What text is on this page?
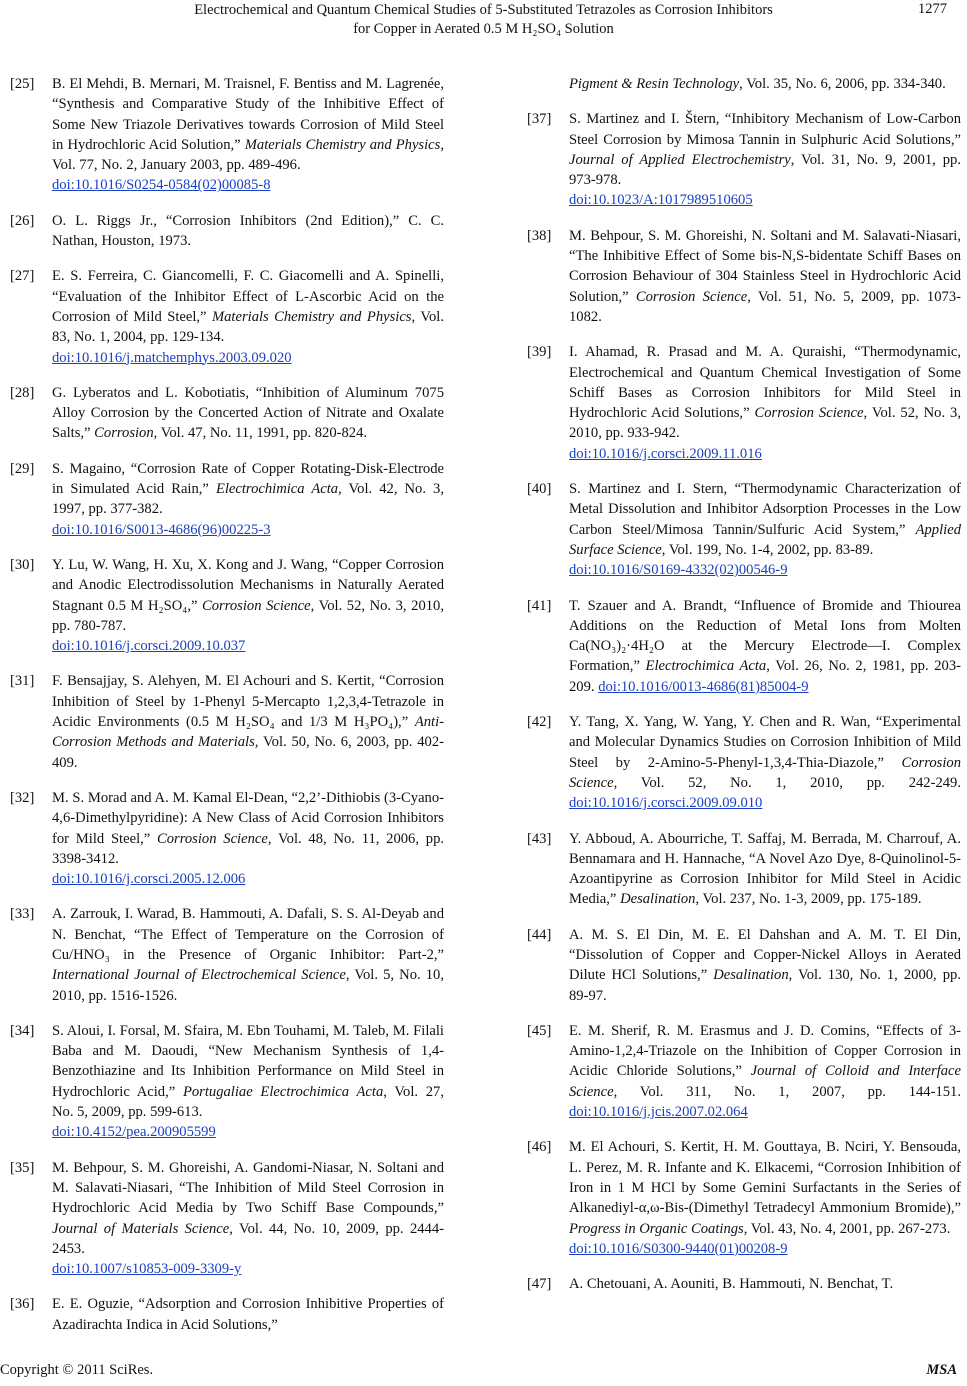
Electrochemical and Quantum Chemical Studies of 5-Substituted Tetrazoles as Corrosion Inhibitors
for Copper in Aerated 0.5 M H₂SO₄ Solution
1277
[25]	B. El Mehdi, B. Mernari, M. Traisnel, F. Bentiss and M. Lagrenée, “Synthesis and Comparative Study of the Inhibitive Effect of Some New Triazole Derivatives towards Corrosion of Mild Steel in Hydrochloric Acid Solution,” Materials Chemistry and Physics, Vol. 77, No. 2, January 2003, pp. 489-496.
doi:10.1016/S0254-0584(02)00085-8
[26]	O. L. Riggs Jr., “Corrosion Inhibitors (2nd Edition),” C. C. Nathan, Houston, 1973.
[27]	E. S. Ferreira, C. Giancomelli, F. C. Giacomelli and A. Spinelli, “Evaluation of the Inhibitor Effect of L-Ascorbic Acid on the Corrosion of Mild Steel,” Materials Chemistry and Physics, Vol. 83, No. 1, 2004, pp. 129-134.
doi:10.1016/j.matchemphys.2003.09.020
[28]	G. Lyberatos and L. Kobotiatis, “Inhibition of Aluminum 7075 Alloy Corrosion by the Concerted Action of Nitrate and Oxalate Salts,” Corrosion, Vol. 47, No. 11, 1991, pp. 820-824.
[29]	S. Magaino, “Corrosion Rate of Copper Rotating-Disk-Electrode in Simulated Acid Rain,” Electrochimica Acta, Vol. 42, No. 3, 1997, pp. 377-382.
doi:10.1016/S0013-4686(96)00225-3
[30]	Y. Lu, W. Wang, H. Xu, X. Kong and J. Wang, “Copper Corrosion and Anodic Electrodissolution Mechanisms in Naturally Aerated Stagnant 0.5 M H₂SO₄,” Corrosion Science, Vol. 52, No. 3, 2010, pp. 780-787.
doi:10.1016/j.corsci.2009.10.037
[31]	F. Bensajjay, S. Alehyen, M. El Achouri and S. Kertit, “Corrosion Inhibition of Steel by 1-Phenyl 5-Mercapto 1,2,3,4-Tetrazole in Acidic Environments (0.5 M H₂SO₄ and 1/3 M H₃PO₄),” Anti-Corrosion Methods and Materials, Vol. 50, No. 6, 2003, pp. 402-409.
[32]	M. S. Morad and A. M. Kamal El-Dean, “2,2’-Dithiobis (3-Cyano-4,6-Dimethylpyridine): A New Class of Acid Corrosion Inhibitors for Mild Steel,” Corrosion Science, Vol. 48, No. 11, 2006, pp. 3398-3412.
doi:10.1016/j.corsci.2005.12.006
[33]	A. Zarrouk, I. Warad, B. Hammouti, A. Dafali, S. S. Al-Deyab and N. Benchat, “The Effect of Temperature on the Corrosion of Cu/HNO₃ in the Presence of Organic Inhibitor: Part-2,” International Journal of Electrochemical Science, Vol. 5, No. 10, 2010, pp. 1516-1526.
[34]	S. Aloui, I. Forsal, M. Sfaira, M. Ebn Touhami, M. Taleb, M. Filali Baba and M. Daoudi, “New Mechanism Synthesis of 1,4-Benzothiazine and Its Inhibition Performance on Mild Steel in Hydrochloric Acid,” Portugaliae Electrochimica Acta, Vol. 27, No. 5, 2009, pp. 599-613.
doi:10.4152/pea.200905599
[35]	M. Behpour, S. M. Ghoreishi, A. Gandomi-Niasar, N. Soltani and M. Salavati-Niasari, “The Inhibition of Mild Steel Corrosion in Hydrochloric Acid Media by Two Schiff Base Compounds,” Journal of Materials Science, Vol. 44, No. 10, 2009, pp. 2444-2453.
doi:10.1007/s10853-009-3309-y
[36]	E. E. Oguzie, “Adsorption and Corrosion Inhibitive Properties of Azadirachta Indica in Acid Solutions,”
Pigment & Resin Technology, Vol. 35, No. 6, 2006, pp. 334-340.
[37]	S. Martinez and I. Štern, “Inhibitory Mechanism of Low-Carbon Steel Corrosion by Mimosa Tannin in Sulphuric Acid Solutions,” Journal of Applied Electrochemistry, Vol. 31, No. 9, 2001, pp. 973-978.
doi:10.1023/A:1017989510605
[38]	M. Behpour, S. M. Ghoreishi, N. Soltani and M. Salavati-Niasari, “The Inhibitive Effect of Some bis-N,S-bidentate Schiff Bases on Corrosion Behaviour of 304 Stainless Steel in Hydrochloric Acid Solution,” Corrosion Science, Vol. 51, No. 5, 2009, pp. 1073-1082.
[39]	I. Ahamad, R. Prasad and M. A. Quraishi, “Thermodynamic, Electrochemical and Quantum Chemical Investigation of Some Schiff Bases as Corrosion Inhibitors for Mild Steel in Hydrochloric Acid Solutions,” Corrosion Science, Vol. 52, No. 3, 2010, pp. 933-942.
doi:10.1016/j.corsci.2009.11.016
[40]	S. Martinez and I. Stern, “Thermodynamic Characterization of Metal Dissolution and Inhibitor Adsorption Processes in the Low Carbon Steel/Mimosa Tannin/Sulfuric Acid System,” Applied Surface Science, Vol. 199, No. 1-4, 2002, pp. 83-89.
doi:10.1016/S0169-4332(02)00546-9
[41]	T. Szauer and A. Brandt, “Influence of Bromide and Thiourea Additions on the Reduction of Metal Ions from Molten Ca(NO₃)₂·4H₂O at the Mercury Electrode—I. Complex Formation,” Electrochimica Acta, Vol. 26, No. 2, 1981, pp. 203-209. doi:10.1016/0013-4686(81)85004-9
[42]	Y. Tang, X. Yang, W. Yang, Y. Chen and R. Wan, “Experimental and Molecular Dynamics Studies on Corrosion Inhibition of Mild Steel by 2-Amino-5-Phenyl-1,3,4-Thia-Diazole,” Corrosion Science, Vol. 52, No. 1, 2010, pp. 242-249. doi:10.1016/j.corsci.2009.09.010
[43]	Y. Abboud, A. Abourriche, T. Saffaj, M. Berrada, M. Charrouf, A. Bennamara and H. Hannache, “A Novel Azo Dye, 8-Quinolinol-5-Azoantipyrine as Corrosion Inhibitor for Mild Steel in Acidic Media,” Desalination, Vol. 237, No. 1-3, 2009, pp. 175-189.
[44]	A. M. S. El Din, M. E. El Dahshan and A. M. T. El Din, “Dissolution of Copper and Copper-Nickel Alloys in Aerated Dilute HCl Solutions,” Desalination, Vol. 130, No. 1, 2000, pp. 89-97.
[45]	E. M. Sherif, R. M. Erasmus and J. D. Comins, “Effects of 3-Amino-1,2,4-Triazole on the Inhibition of Copper Corrosion in Acidic Chloride Solutions,” Journal of Colloid and Interface Science, Vol. 311, No. 1, 2007, pp. 144-151. doi:10.1016/j.jcis.2007.02.064
[46]	M. El Achouri, S. Kertit, H. M. Gouttaya, B. Nciri, Y. Bensouda, L. Perez, M. R. Infante and K. Elkacemi, “Corrosion Inhibition of Iron in 1 M HCl by Some Gemini Surfactants in the Series of Alkanediyl-α,ω-Bis-(Dimethyl Tetradecyl Ammonium Bromide),” Progress in Organic Coatings, Vol. 43, No. 4, 2001, pp. 267-273.
doi:10.1016/S0300-9440(01)00208-9
[47]	A. Chetouani, A. Aouniti, B. Hammouti, N. Benchat, T.
Copyright © 2011 SciRes.	MSA
